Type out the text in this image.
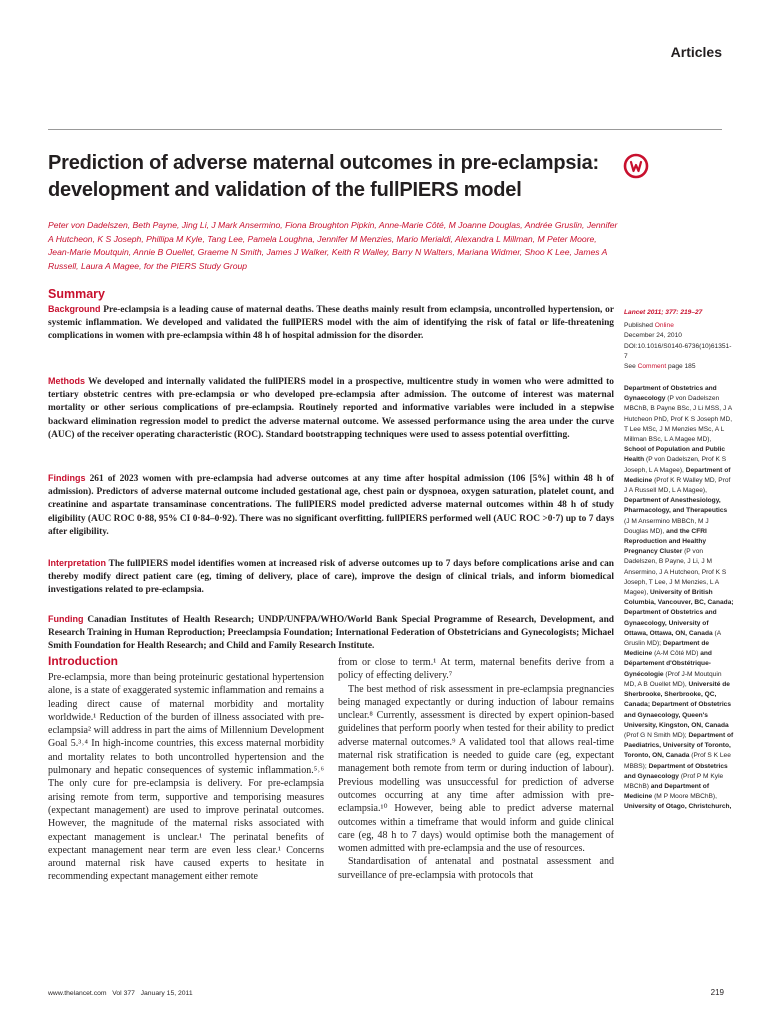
Articles
Prediction of adverse maternal outcomes in pre-eclampsia:
development and validation of the fullPIERS model
Peter von Dadelszen, Beth Payne, Jing Li, J Mark Ansermino, Fiona Broughton Pipkin, Anne-Marie Côté, M Joanne Douglas, Andrée Gruslin, Jennifer A Hutcheon, K S Joseph, Phillipa M Kyle, Tang Lee, Pamela Loughna, Jennifer M Menzies, Mario Merialdi, Alexandra L Millman, M Peter Moore, Jean-Marie Moutquin, Annie B Ouellet, Graeme N Smith, James J Walker, Keith R Walley, Barry N Walters, Mariana Widmer, Shoo K Lee, James A Russell, Laura A Magee, for the PIERS Study Group
Summary
Background Pre-eclampsia is a leading cause of maternal deaths. These deaths mainly result from eclampsia, uncontrolled hypertension, or systemic inflammation. We developed and validated the fullPIERS model with the aim of identifying the risk of fatal or life-threatening complications in women with pre-eclampsia within 48 h of hospital admission for the disorder.
Methods We developed and internally validated the fullPIERS model in a prospective, multicentre study in women who were admitted to tertiary obstetric centres with pre-eclampsia or who developed pre-eclampsia after admission. The outcome of interest was maternal mortality or other serious complications of pre-eclampsia. Routinely reported and informative variables were included in a stepwise backward elimination regression model to predict the adverse maternal outcome. We assessed performance using the area under the curve (AUC) of the receiver operating characteristic (ROC). Standard bootstrapping techniques were used to assess potential overfitting.
Findings 261 of 2023 women with pre-eclampsia had adverse outcomes at any time after hospital admission (106 [5%] within 48 h of admission). Predictors of adverse maternal outcome included gestational age, chest pain or dyspnoea, oxygen saturation, platelet count, and creatinine and aspartate transaminase concentrations. The fullPIERS model predicted adverse maternal outcomes within 48 h of study eligibility (AUC ROC 0·88, 95% CI 0·84–0·92). There was no significant overfitting. fullPIERS performed well (AUC ROC >0·7) up to 7 days after eligibility.
Interpretation The fullPIERS model identifies women at increased risk of adverse outcomes up to 7 days before complications arise and can thereby modify direct patient care (eg, timing of delivery, place of care), improve the design of clinical trials, and inform biomedical investigations related to pre-eclampsia.
Funding Canadian Institutes of Health Research; UNDP/UNFPA/WHO/World Bank Special Programme of Research, Development, and Research Training in Human Reproduction; Preeclampsia Foundation; International Federation of Obstetricians and Gynecologists; Michael Smith Foundation for Health Research; and Child and Family Research Institute.
Introduction

Pre-eclampsia, more than being proteinuric gestational hypertension alone, is a state of exaggerated systemic inflammation and remains a leading direct cause of maternal morbidity and mortality worldwide.¹ Reduction of the burden of illness associated with pre-eclampsia² will address in part the aims of Millennium Development Goal 5.³˒⁴ In high-income countries, this excess maternal morbidity and mortality relates to both uncontrolled hypertension and the pulmonary and hepatic consequences of systemic inflammation.⁵˒⁶ The only cure for pre-eclampsia is delivery. For pre-eclampsia arising remote from term, supportive and temporising measures (expectant management) are used to improve perinatal outcomes. However, the magnitude of the maternal risks associated with expectant management is unclear.¹ The perinatal benefits of expectant management near term are even less clear.¹ Concerns around maternal risk have caused experts to hesitate in recommending expectant management either remote

from or close to term.¹ At term, maternal benefits derive from a policy of effecting delivery.⁷

The best method of risk assessment in pre-eclampsia pregnancies being managed expectantly or during induction of labour remains unclear.⁸ Currently, assessment is directed by expert opinion-based guidelines that perform poorly when tested for their ability to predict adverse maternal outcomes.⁹ A validated tool that allows real-time maternal risk stratification is needed to guide care (eg, expectant management both remote from term or during induction of labour). Previous modelling was unsuccessful for prediction of adverse outcomes occurring at any time after admission with pre-eclampsia.¹⁰ However, being able to predict adverse maternal outcomes within a timeframe that would inform and guide clinical care (eg, 48 h to 7 days) would optimise both the management of women admitted with pre-eclampsia and the use of resources.

Standardisation of antenatal and postnatal assessment and surveillance of pre-eclampsia with protocols that

Lancet 2011; 377: 219–27
Published Online
December 24, 2010
DOI:10.1016/S0140-6736(10)61351-7
See Comment page 185
Department of Obstetrics and Gynaecology (P von Dadelszen MBChB, B Payne BSc, J Li MSS, J A Hutcheon PhD, Prof K S Joseph MD, T Lee MSc, J M Menzies MSc, A L Millman BSc, L A Magee MD), School of Population and Public Health (P von Dadelszen, Prof K S Joseph, L A Magee), Department of Medicine (Prof K R Walley MD, Prof J A Russell MD, L A Magee), Department of Anesthesiology, Pharmacology, and Therapeutics (J M Ansermino MBBCh, M J Douglas MD), and the CFRI Reproduction and Healthy Pregnancy Cluster (P von Dadelszen, B Payne, J Li, J M Ansermino, J A Hutcheon, Prof K S Joseph, T Lee, J M Menzies, L A Magee), University of British Columbia, Vancouver, BC, Canada; Department of Obstetrics and Gynaecology, University of Ottawa, Ottawa, ON, Canada (A Gruslin MD); Department de Medicine (A-M Côté MD) and Département d'Obstétrique-Gynécologie (Prof J-M Moutquin MD, A B Ouellet MD), Université de Sherbrooke, Sherbrooke, QC, Canada; Department of Obstetrics and Gynaecology, Queen's University, Kingston, ON, Canada (Prof G N Smith MD); Department of Paediatrics, University of Toronto, Toronto, ON, Canada (Prof S K Lee MBBS); Department of Obstetrics and Gynaecology (Prof P M Kyle MBChB) and Department of Medicine (M P Moore MBChB), University of Otago, Christchurch,
www.thelancet.com Vol 377 January 15, 2011	219
